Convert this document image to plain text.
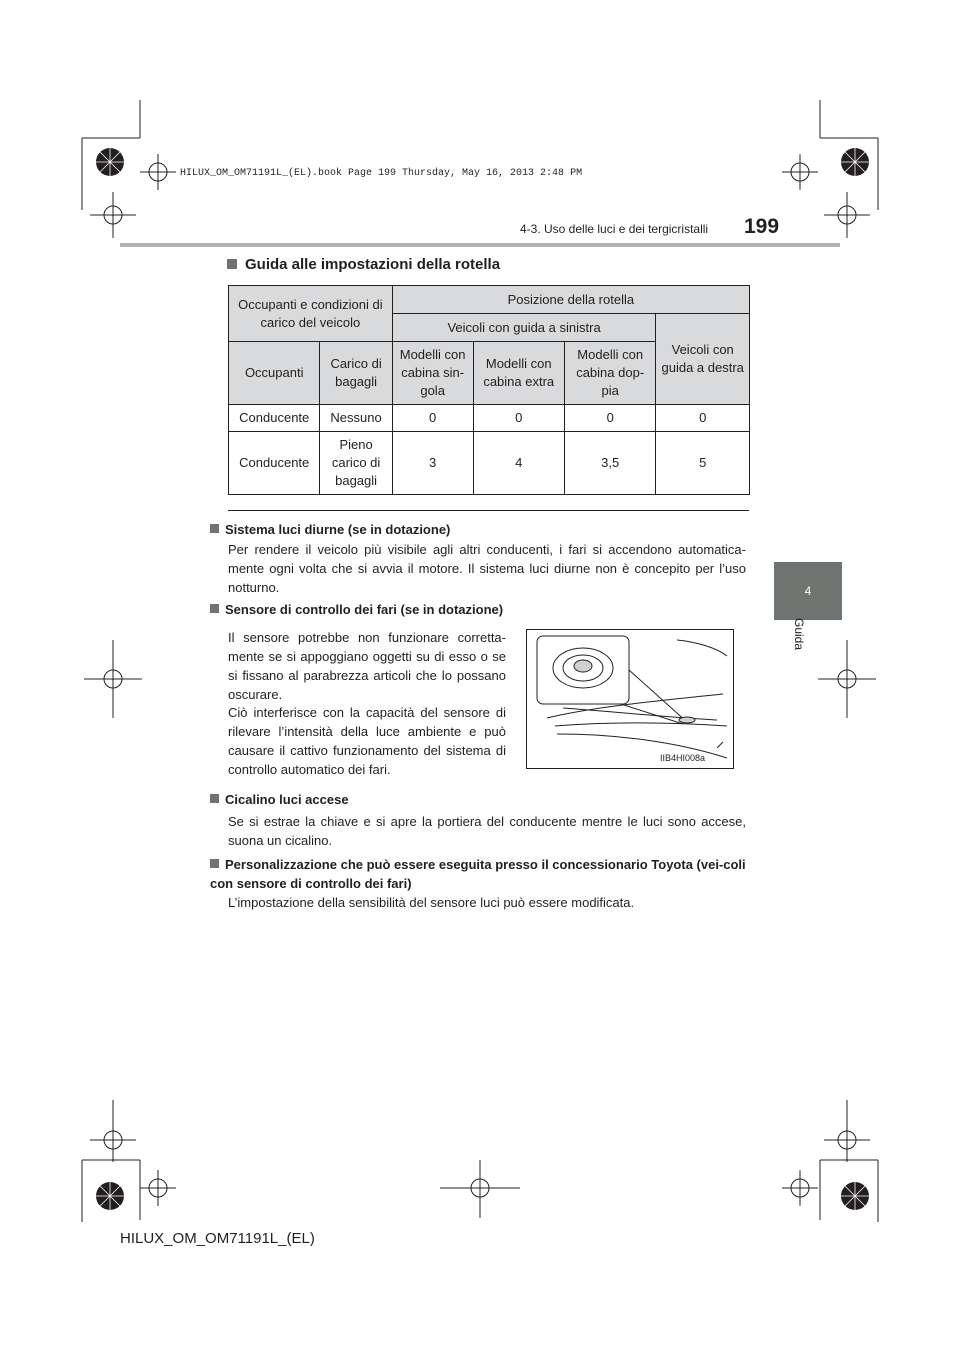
HILUX_OM_OM71191L_(EL).book Page 199 Thursday, May 16, 2013 2:48 PM
4-3. Uso delle luci e dei tergicristalli 199
4
Guida
Guida alle impostazioni della rotella
Occupanti e condizioni di carico del veicolo		Posizione della rotella			
		Veicoli con guida a sinistra			Veicoli con guida a destra
Occupanti	Carico di bagagli	Modelli con cabina sin-gola	Modelli con cabina extra	Modelli con cabina dop-pia	
Conducente	Nessuno	0	0	0	0
Conducente	Pieno carico di bagagli	3	4	3,5	5
Sistema luci diurne (se in dotazione)
Per rendere il veicolo più visibile agli altri conducenti, i fari si accendono automatica-mente ogni volta che si avvia il motore. Il sistema luci diurne non è concepito per l’uso notturno.
Sensore di controllo dei fari (se in dotazione)
Il sensore potrebbe non funzionare corretta-mente se si appoggiano oggetti su di esso o se si fissano al parabrezza articoli che lo possano oscurare.
Ciò interferisce con la capacità del sensore di rilevare l’intensità della luce ambiente e può causare il cattivo funzionamento del sistema di controllo automatico dei fari.
IIB4HI008a
Cicalino luci accese
Se si estrae la chiave e si apre la portiera del conducente mentre le luci sono accese, suona un cicalino.
Personalizzazione che può essere eseguita presso il concessionario Toyota (vei-coli con sensore di controllo dei fari)
L’impostazione della sensibilità del sensore luci può essere modificata.
HILUX_OM_OM71191L_(EL)
